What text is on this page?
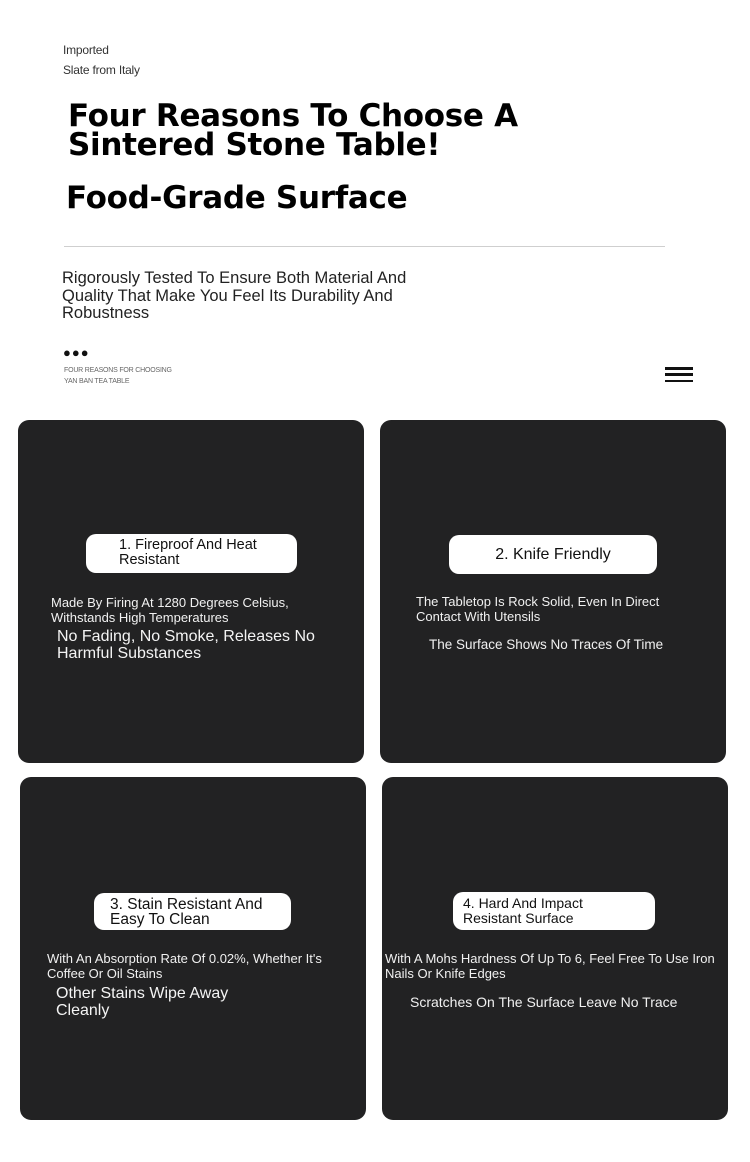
Imported
Slate from Italy
Four Reasons To Choose A Sintered Stone Table!
Food-Grade Surface
Rigorously Tested To Ensure Both Material And Quality That Make You Feel Its Durability And Robustness
●●●
FOUR REASONS FOR CHOOSING
YAN BAN TEA TABLE
1. Fireproof And Heat Resistant
Made By Firing At 1280 Degrees Celsius, Withstands High Temperatures
No Fading, No Smoke, Releases No Harmful Substances
2. Knife Friendly
The Tabletop Is Rock Solid, Even In Direct Contact With Utensils
The Surface Shows No Traces Of Time
3. Stain Resistant And Easy To Clean
With An Absorption Rate Of 0.02%, Whether It's Coffee Or Oil Stains
Other Stains Wipe Away Cleanly
4. Hard And Impact Resistant Surface
With A Mohs Hardness Of Up To 6, Feel Free To Use Iron Nails Or Knife Edges
Scratches On The Surface Leave No Trace
